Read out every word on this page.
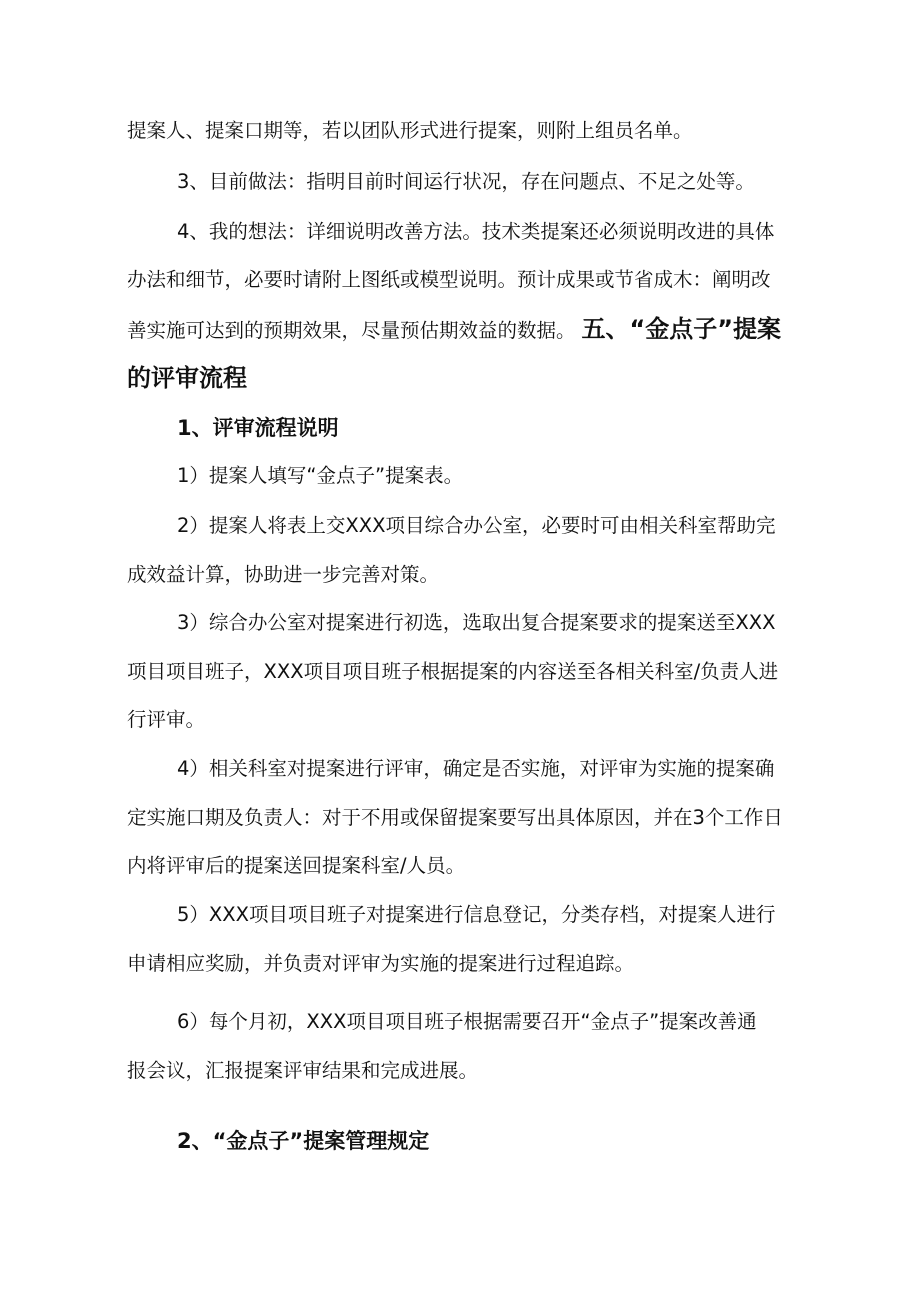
提案人、提案口期等，若以团队形式进行提案，则附上组员名单。
3、目前做法：指明目前时间运行状况，存在问题点、不足之处等。
4、我的想法：详细说明改善方法。技术类提案还必须说明改进的具体
办法和细节，必要时请附上图纸或模型说明。预计成果或节省成木：阐明改
善实施可达到的预期效果，尽量预估期效益的数据。 五、“金点子”提案
的评审流程
1、评审流程说明
1）提案人填写“金点子”提案表。
2）提案人将表上交XXX项目综合办公室，必要时可由相关科室帮助完
成效益计算，协助进一步完善对策。
3）综合办公室对提案进行初选，选取出复合提案要求的提案送至XXX
项目项目班子，XXX项目项目班子根据提案的内容送至各相关科室/负责人进
行评审。
4）相关科室对提案进行评审，确定是否实施，对评审为实施的提案确
定实施口期及负责人：对于不用或保留提案要写出具体原因，并在3个工作日
内将评审后的提案送回提案科室/人员。
5）XXX项目项目班子对提案进行信息登记，分类存档，对提案人进行
申请相应奖励，并负责对评审为实施的提案进行过程追踪。
6）每个月初，XXX项目项目班子根据需要召开“金点子”提案改善通
报会议，汇报提案评审结果和完成进展。
2、“金点子”提案管理规定
